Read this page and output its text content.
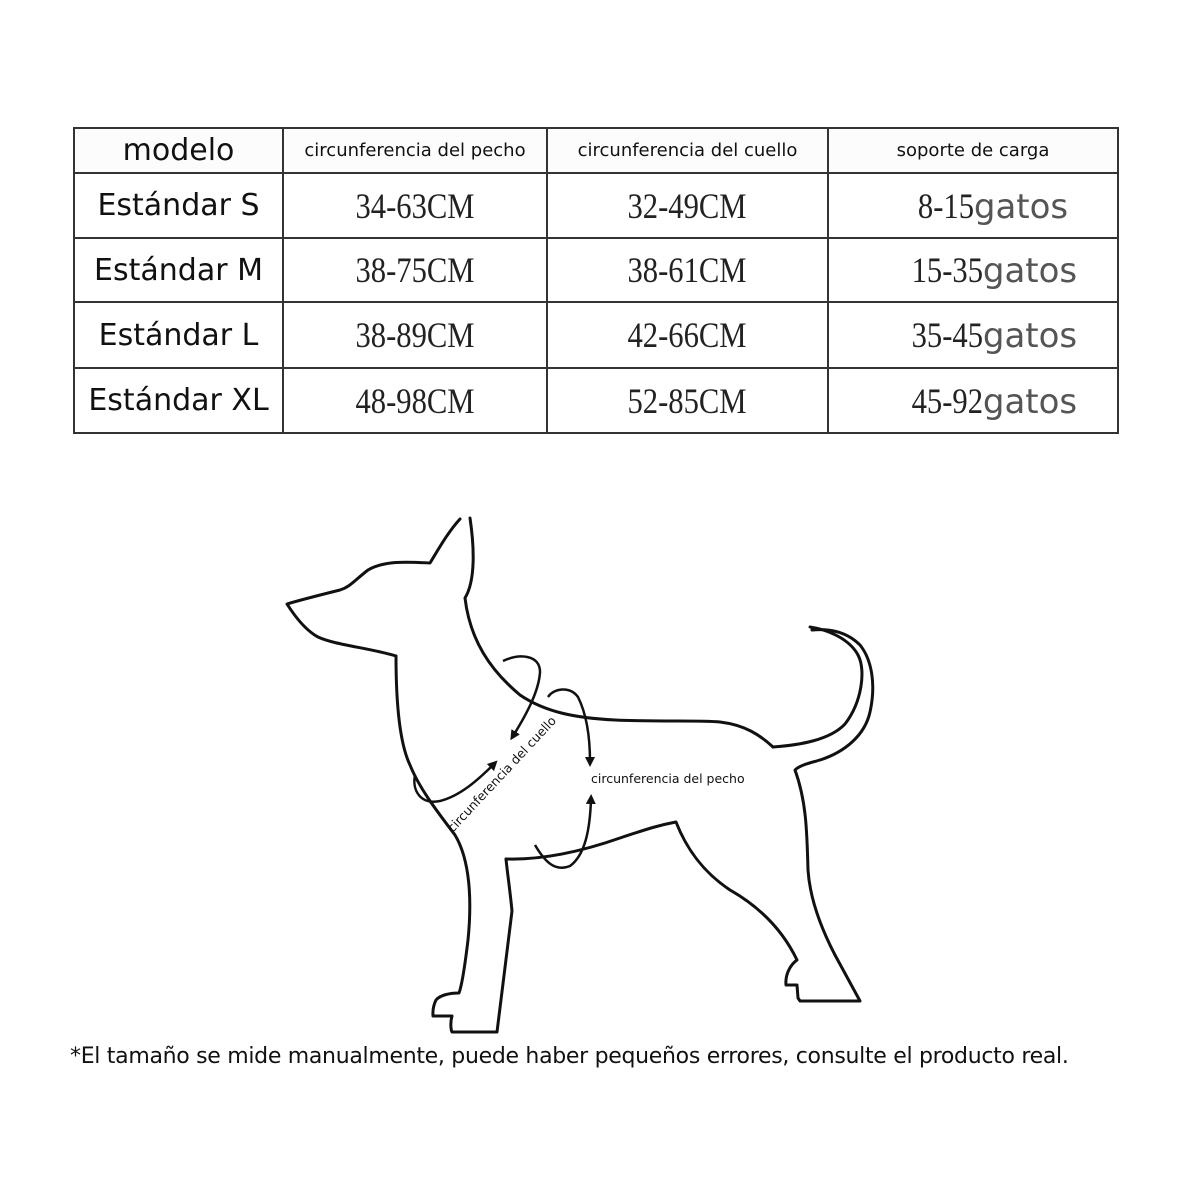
modelo	circunferencia del pecho	circunferencia del cuello	soporte de carga
Estándar S	34-63CM	32-49CM	8-15gatos
Estándar M	38-75CM	38-61CM	15-35gatos
Estándar L	38-89CM	42-66CM	35-45gatos
Estándar XL	48-98CM	52-85CM	45-92gatos
circunferencia del cuello	circunferencia del pecho
*El tamaño se mide manualmente, puede haber pequeños errores, consulte el producto real.
